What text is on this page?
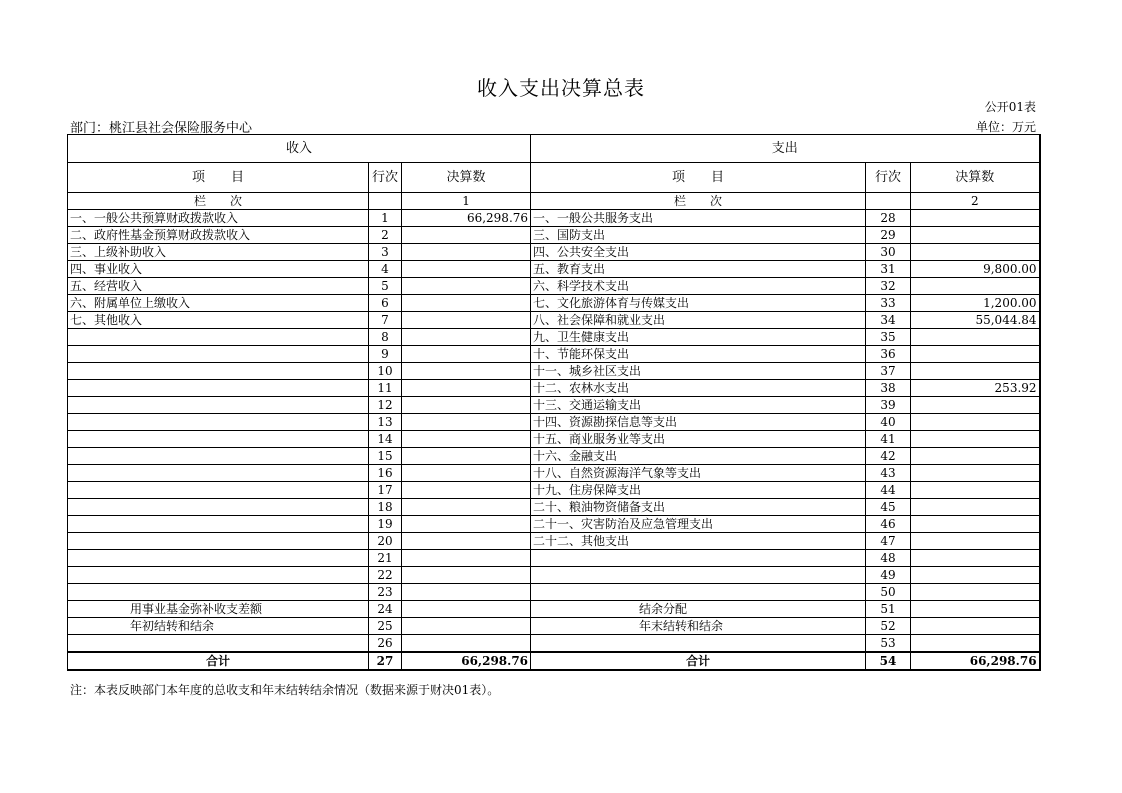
收入支出决算总表
公开01表
部门：桃江县社会保险服务中心	单位：万元
收入			支出		
项　　目	行次	决算数	项　　目	行次	决算数
栏　　次		1	栏　　次		2
一、一般公共预算财政拨款收入	1	66,298.76	一、一般公共服务支出	28	
二、政府性基金预算财政拨款收入	2		三、国防支出	29	
三、上级补助收入	3		四、公共安全支出	30	
四、事业收入	4		五、教育支出	31	9,800.00
五、经营收入	5		六、科学技术支出	32	
六、附属单位上缴收入	6		七、文化旅游体育与传媒支出	33	1,200.00
七、其他收入	7		八、社会保障和就业支出	34	55,044.84
	8		九、卫生健康支出	35	
	9		十、节能环保支出	36	
	10		十一、城乡社区支出	37	
	11		十二、农林水支出	38	253.92
	12		十三、交通运输支出	39	
	13		十四、资源勘探信息等支出	40	
	14		十五、商业服务业等支出	41	
	15		十六、金融支出	42	
	16		十八、自然资源海洋气象等支出	43	
	17		十九、住房保障支出	44	
	18		二十、粮油物资储备支出	45	
	19		二十一、灾害防治及应急管理支出	46	
	20		二十二、其他支出	47	
	21			48	
	22			49	
	23			50	
用事业基金弥补收支差额	24		结余分配	51	
年初结转和结余	25		年末结转和结余	52	
	26			53	
合计	27	66,298.76	合计	54	66,298.76
注：本表反映部门本年度的总收支和年末结转结余情况（数据来源于财决01表）。
